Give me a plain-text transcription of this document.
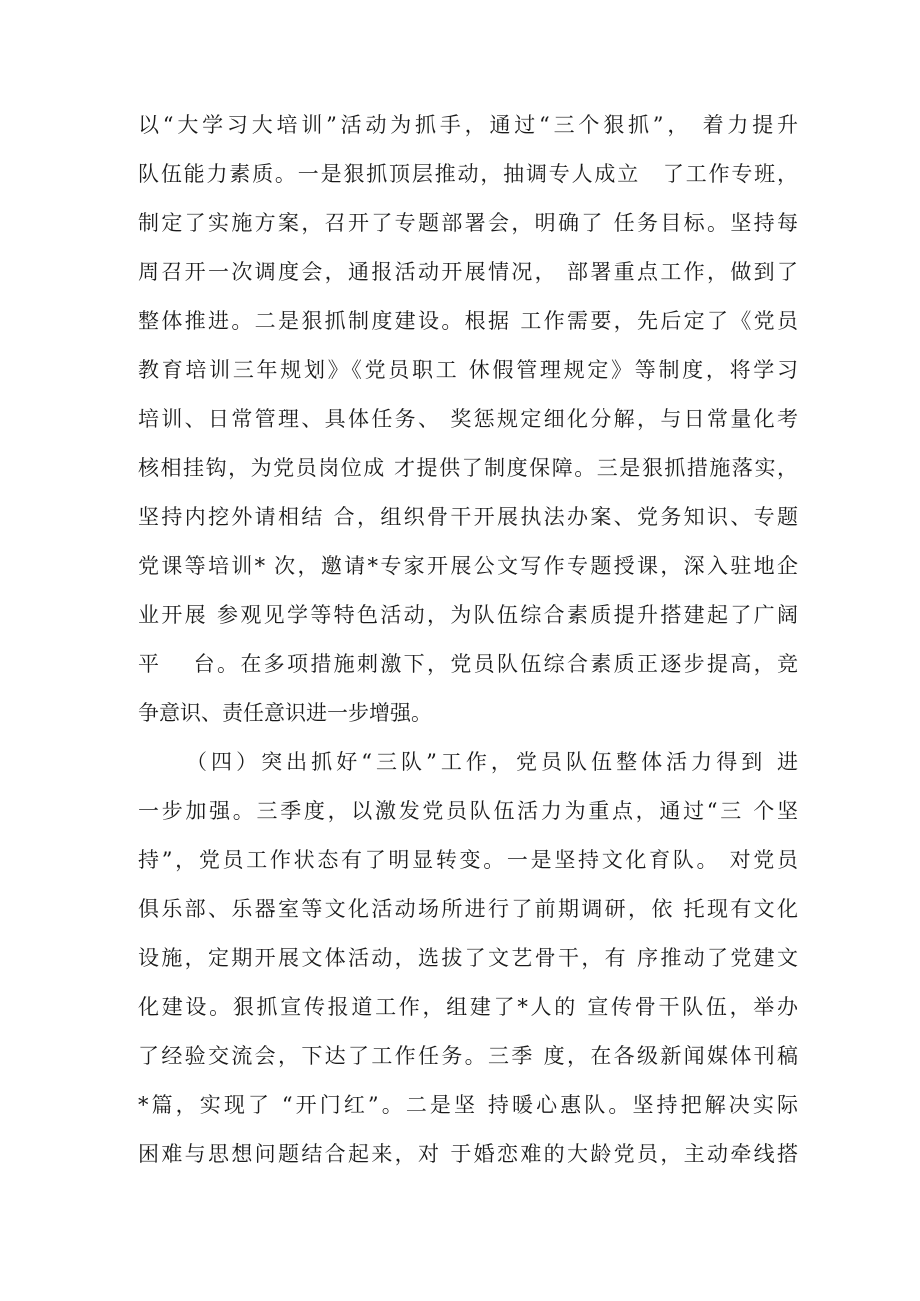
以“大学习大培训”活动为抓手，通过“三个狠抓”， 着力提升
队伍能力素质。一是狠抓顶层推动，抽调专人成立　了工作专班，
制定了实施方案，召开了专题部署会，明确了 任务目标。坚持每
周召开一次调度会，通报活动开展情况， 部署重点工作，做到了
整体推进。二是狠抓制度建设。根据 工作需要，先后定了《党员
教育培训三年规划》《党员职工 休假管理规定》等制度，将学习
培训、日常管理、具体任务、 奖惩规定细化分解，与日常量化考
核相挂钩，为党员岗位成 才提供了制度保障。三是狠抓措施落实，
坚持内挖外请相结 合，组织骨干开展执法办案、党务知识、专题
党课等培训* 次，邀请*专家开展公文写作专题授课，深入驻地企
业开展 参观见学等特色活动，为队伍综合素质提升搭建起了广阔
平　 台。在多项措施刺激下，党员队伍综合素质正逐步提高，竞
争意识、责任意识进一步增强。
（四）突出抓好“三队”工作，党员队伍整体活力得到 进
一步加强。三季度，以激发党员队伍活力为重点，通过“三 个坚
持”，党员工作状态有了明显转变。一是坚持文化育队。 对党员
俱乐部、乐器室等文化活动场所进行了前期调研，依 托现有文化
设施，定期开展文体活动，选拔了文艺骨干，有 序推动了党建文
化建设。狠抓宣传报道工作，组建了*人的 宣传骨干队伍，举办
了经验交流会，下达了工作任务。三季 度，在各级新闻媒体刊稿
*篇，实现了 “开门红”。二是坚 持暖心惠队。坚持把解决实际
困难与思想问题结合起来，对 于婚恋难的大龄党员，主动牵线搭
